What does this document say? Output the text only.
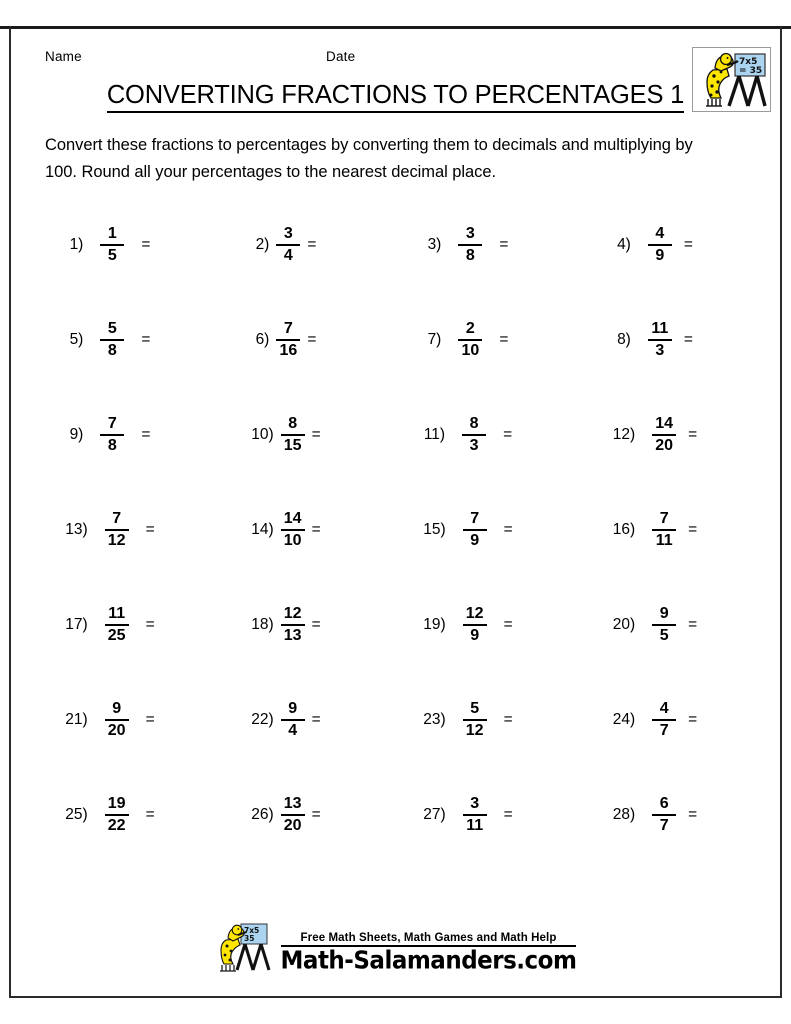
Name	Date
CONVERTING FRACTIONS TO PERCENTAGES 1
7x5
= 35
Convert these fractions to percentages by converting them to decimals and multiplying by 100. Round all your percentages to the nearest decimal place.
$1) \frac{1}{5}$ =	$2) \frac{3}{4}$ =	$3) \frac{3}{8}$ =	$4) \frac{4}{9}$ =
$5) \frac{5}{8}$ =	$6) \frac{7}{16}$ =	$7) \frac{2}{10}$ =	$8) \frac{11}{3}$ =
$9) \frac{7}{8}$ =	$10) \frac{8}{15}$ =	$11) \frac{8}{3}$ =	$12) \frac{14}{20}$ =
$13) \frac{7}{12}$ =	$14) \frac{14}{10}$ =	$15) \frac{7}{9}$ =	$16) \frac{7}{11}$ =
$17) \frac{11}{25}$ =	$18) \frac{12}{13}$ =	$19) \frac{12}{9}$ =	$20) \frac{9}{5}$ =
$21) \frac{9}{20}$ =	$22) \frac{9}{4}$ =	$23) \frac{5}{12}$ =	$24) \frac{4}{7}$ =
$25) \frac{19}{22}$ =	$26) \frac{13}{20}$ =	$27) \frac{3}{11}$ =	$28) \frac{6}{7}$ =
7x5
35	Free Math Sheets, Math Games and Math Help
Math-Salamanders.com
